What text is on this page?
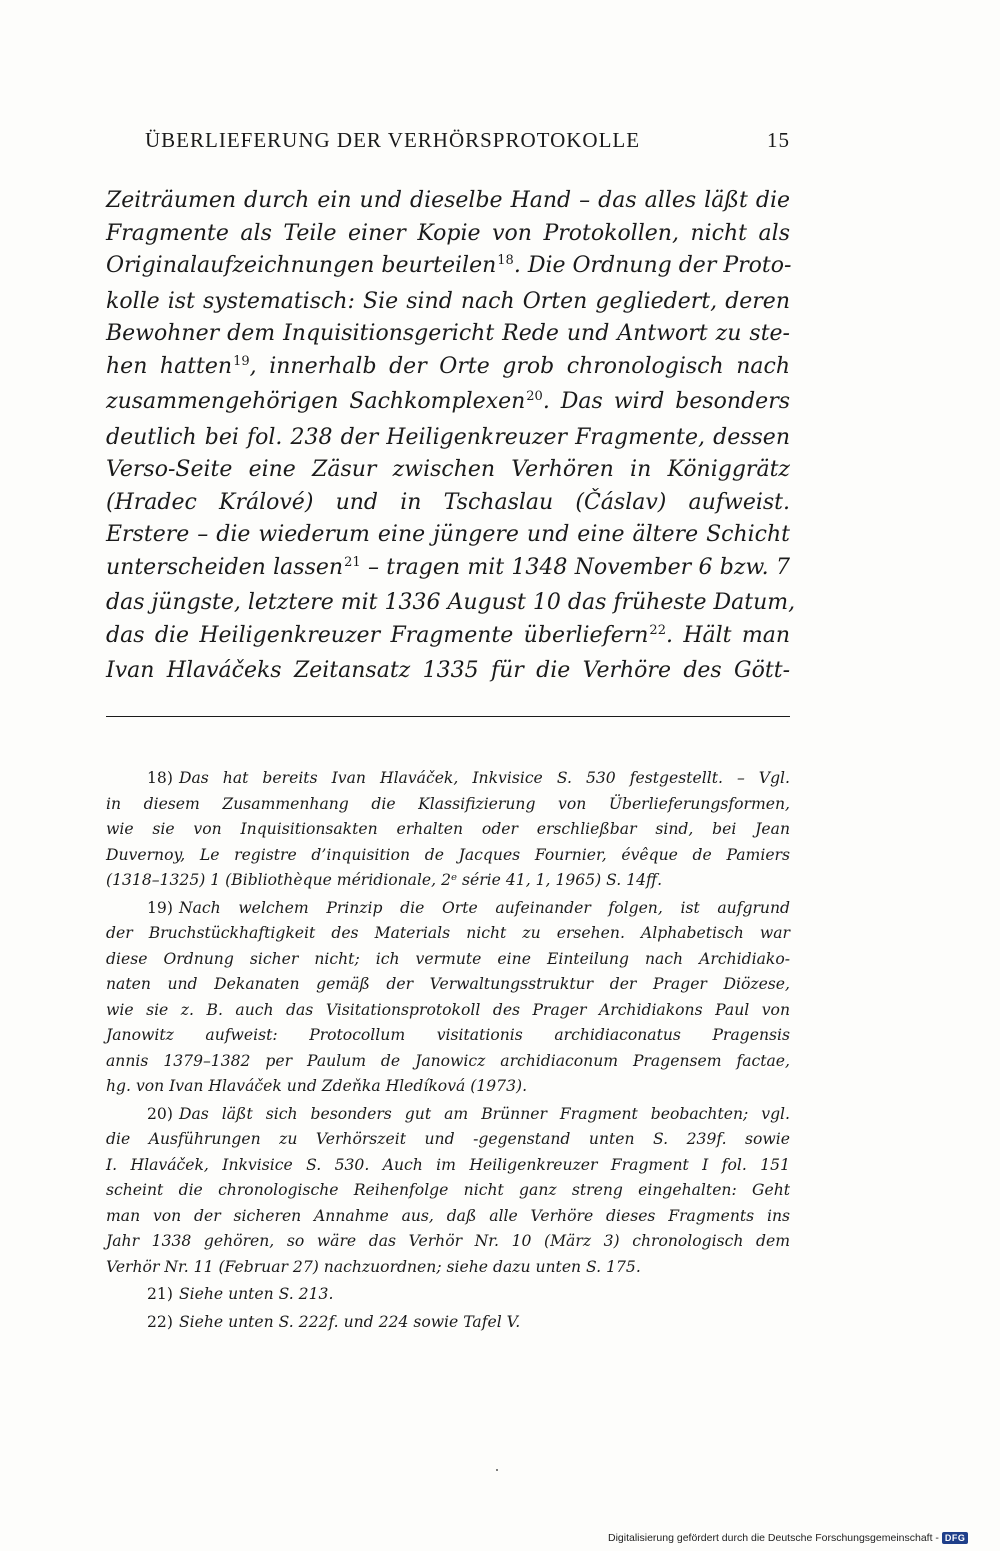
ÜBERLIEFERUNG DER VERHÖRSPROTOKOLLE	15
Zeiträumen durch ein und dieselbe Hand – das alles läßt die
Fragmente als Teile einer Kopie von Protokollen, nicht als
Originalaufzeichnungen beurteilen$^{18}$. Die Ordnung der Proto-
kolle ist systematisch: Sie sind nach Orten gegliedert, deren
Bewohner dem Inquisitionsgericht Rede und Antwort zu ste-
hen hatten$^{19}$, innerhalb der Orte grob chronologisch nach
zusammengehörigen Sachkomplexen$^{20}$. Das wird besonders
deutlich bei fol. 238 der Heiligenkreuzer Fragmente, dessen
Verso-Seite eine Zäsur zwischen Verhören in Königgrätz
(Hradec Králové) und in Tschaslau (Čáslav) aufweist.
Erstere – die wiederum eine jüngere und eine ältere Schicht
unterscheiden lassen$^{21}$ – tragen mit 1348 November 6 bzw. 7
das jüngste, letztere mit 1336 August 10 das früheste Datum,
das die Heiligenkreuzer Fragmente überliefern$^{22}$. Hält man
Ivan Hlaváčeks Zeitansatz 1335 für die Verhöre des Gött-
18) Das hat bereits Ivan Hlaváček, Inkvisice S. 530 festgestellt. – Vgl.
in diesem Zusammenhang die Klassifizierung von Überlieferungsformen,
wie sie von Inquisitionsakten erhalten oder erschließbar sind, bei Jean
Duvernoy, Le registre d’inquisition de Jacques Fournier, évêque de Pamiers
(1318–1325) 1 (Bibliothèque méridionale, 2ᵉ série 41, 1, 1965) S. 14ff.
19) Nach welchem Prinzip die Orte aufeinander folgen, ist aufgrund
der Bruchstückhaftigkeit des Materials nicht zu ersehen. Alphabetisch war
diese Ordnung sicher nicht; ich vermute eine Einteilung nach Archidiako-
naten und Dekanaten gemäß der Verwaltungsstruktur der Prager Diözese,
wie sie z. B. auch das Visitationsprotokoll des Prager Archidiakons Paul von
Janowitz aufweist: Protocollum visitationis archidiaconatus Pragensis
annis 1379–1382 per Paulum de Janowicz archidiaconum Pragensem factae,
hg. von Ivan Hlaváček und Zdeňka Hledíková (1973).
20) Das läßt sich besonders gut am Brünner Fragment beobachten; vgl.
die Ausführungen zu Verhörszeit und -gegenstand unten S. 239f. sowie
I. Hlaváček, Inkvisice S. 530. Auch im Heiligenkreuzer Fragment I fol. 151
scheint die chronologische Reihenfolge nicht ganz streng eingehalten: Geht
man von der sicheren Annahme aus, daß alle Verhöre dieses Fragments ins
Jahr 1338 gehören, so wäre das Verhör Nr. 10 (März 3) chronologisch dem
Verhör Nr. 11 (Februar 27) nachzuordnen; siehe dazu unten S. 175.
21) Siehe unten S. 213.
22) Siehe unten S. 222f. und 224 sowie Tafel V.
Digitalisierung gefördert durch die Deutsche Forschungsgemeinschaft - DFG
